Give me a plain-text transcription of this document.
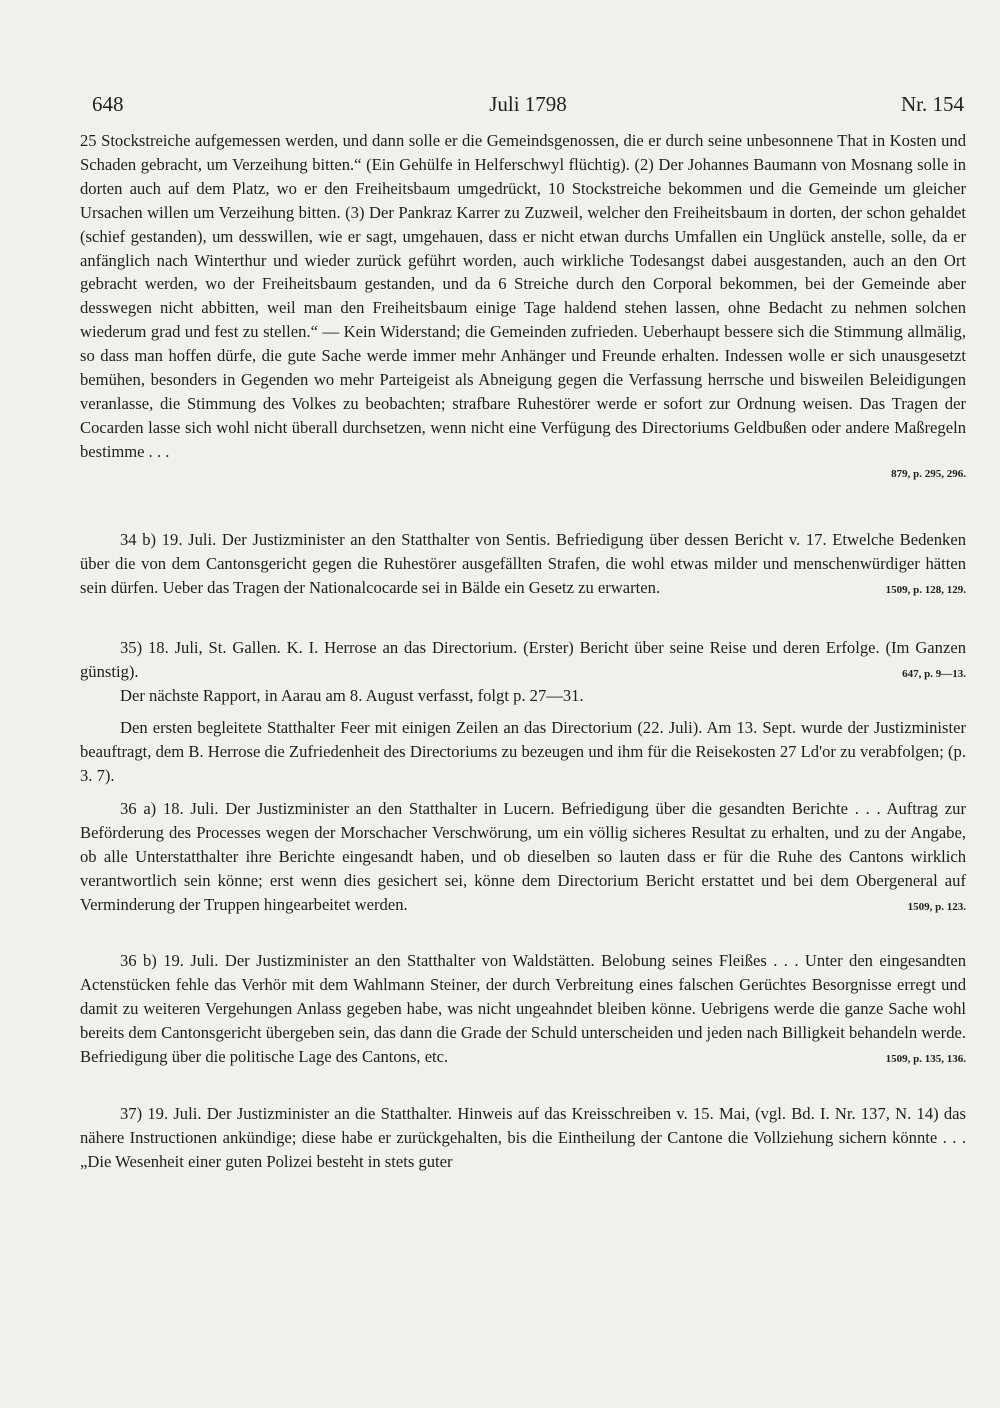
648	Juli 1798	Nr. 154

25 Stockstreiche aufgemessen werden, und dann solle er die Gemeindsgenossen, die er durch seine unbesonnene That in Kosten und Schaden gebracht, um Verzeihung bitten.“ (Ein Gehülfe in Helferschwyl flüchtig). (2) Der Johannes Baumann von Mosnang solle in dorten auch auf dem Platz, wo er den Freiheitsbaum umgedrückt, 10 Stockstreiche bekommen und die Gemeinde um gleicher Ursachen willen um Verzeihung bitten. (3) Der Pankraz Karrer zu Zuzweil, welcher den Freiheitsbaum in dorten, der schon gehaldet (schief gestanden), um desswillen, wie er sagt, umgehauen, dass er nicht etwan durchs Umfallen ein Unglück anstelle, solle, da er anfänglich nach Winterthur und wieder zurück geführt worden, auch wirkliche Todesangst dabei ausgestanden, auch an den Ort gebracht werden, wo der Freiheitsbaum gestanden, und da 6 Streiche durch den Corporal bekommen, bei der Gemeinde aber desswegen nicht abbitten, weil man den Freiheitsbaum einige Tage haldend stehen lassen, ohne Bedacht zu nehmen solchen wiederum grad und fest zu stellen.“ — Kein Widerstand; die Gemeinden zufrieden. Ueberhaupt bessere sich die Stimmung allmälig, so dass man hoffen dürfe, die gute Sache werde immer mehr Anhänger und Freunde erhalten. Indessen wolle er sich unausgesetzt bemühen, besonders in Gegenden wo mehr Parteigeist als Abneigung gegen die Verfassung herrsche und bisweilen Beleidigungen veranlasse, die Stimmung des Volkes zu beobachten; strafbare Ruhestörer werde er sofort zur Ordnung weisen. Das Tragen der Cocarden lasse sich wohl nicht überall durchsetzen, wenn nicht eine Verfügung des Directoriums Geldbußen oder andere Maßregeln bestimme . . .

879, p. 295, 296.

34 b) 19. Juli. Der Justizminister an den Statthalter von Sentis. Befriedigung über dessen Bericht v. 17. Etwelche Bedenken über die von dem Cantonsgericht gegen die Ruhestörer ausgefällten Strafen, die wohl etwas milder und menschenwürdiger hätten sein dürfen. Ueber das Tragen der Nationalcocarde sei in Bälde ein Gesetz zu erwarten.	1509, p. 128, 129.

35) 18. Juli, St. Gallen. K. I. Herrose an das Directorium. (Erster) Bericht über seine Reise und deren Erfolge. (Im Ganzen günstig).	647, p. 9—13.

Der nächste Rapport, in Aarau am 8. August verfasst, folgt p. 27—31.

Den ersten begleitete Statthalter Feer mit einigen Zeilen an das Directorium (22. Juli). Am 13. Sept. wurde der Justizminister beauftragt, dem B. Herrose die Zufriedenheit des Directoriums zu bezeugen und ihm für die Reisekosten 27 Ld'or zu verabfolgen; (p. 3. 7).

36 a) 18. Juli. Der Justizminister an den Statthalter in Lucern. Befriedigung über die gesandten Berichte . . . Auftrag zur Beförderung des Processes wegen der Morschacher Verschwörung, um ein völlig sicheres Resultat zu erhalten, und zu der Angabe, ob alle Unterstatthalter ihre Berichte eingesandt haben, und ob dieselben so lauten dass er für die Ruhe des Cantons wirklich verantwortlich sein könne; erst wenn dies gesichert sei, könne dem Directorium Bericht erstattet und bei dem Obergeneral auf Verminderung der Truppen hingearbeitet werden.	1509, p. 123.

36 b) 19. Juli. Der Justizminister an den Statthalter von Waldstätten. Belobung seines Fleißes . . . Unter den eingesandten Actenstücken fehle das Verhör mit dem Wahlmann Steiner, der durch Verbreitung eines falschen Gerüchtes Besorgnisse erregt und damit zu weiteren Vergehungen Anlass gegeben habe, was nicht ungeahndet bleiben könne. Uebrigens werde die ganze Sache wohl bereits dem Cantonsgericht übergeben sein, das dann die Grade der Schuld unterscheiden und jeden nach Billigkeit behandeln werde. Befriedigung über die politische Lage des Cantons, etc.	1509, p. 135, 136.

37) 19. Juli. Der Justizminister an die Statthalter. Hinweis auf das Kreisschreiben v. 15. Mai, (vgl. Bd. I. Nr. 137, N. 14) das nähere Instructionen ankündige; diese habe er zurückgehalten, bis die Eintheilung der Cantone die Vollziehung sichern könnte . . . „Die Wesenheit einer guten Polizei besteht in stets guter
